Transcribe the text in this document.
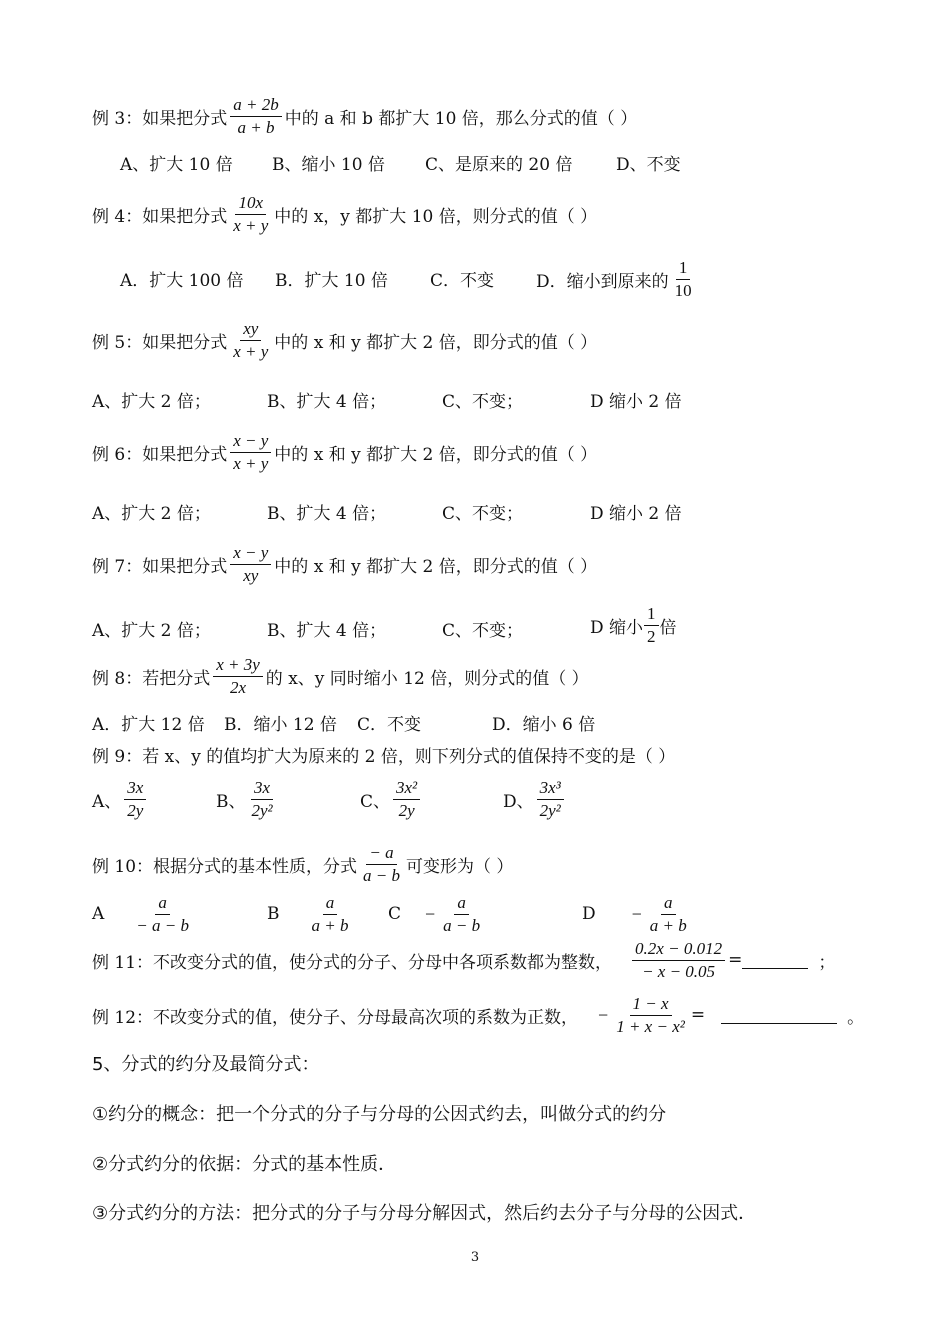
例 3：如果把分式 $\frac{a + 2b}{a + b}$ 中的 a 和 b 都扩大 10 倍，那么分式的值（ ）
A、扩大 10 倍 B、缩小 10 倍 C、是原来的 20 倍	D、不变
例 4：如果把分式 $\frac{10x}{x + y}$ 中的 x，y 都扩大 10 倍，则分式的值（ ）
A．扩大 100 倍 B．扩大 10 倍 C．不变 D．缩小到原来的 $\frac{1}{10}$
例 5：如果把分式 $\frac{xy}{x + y}$ 中的 x 和 y 都扩大 2 倍，即分式的值（ ）
A、扩大 2 倍；	B、扩大 4 倍；	C、不变；	D 缩小 2 倍
例 6：如果把分式 $\frac{x - y}{x + y}$ 中的 x 和 y 都扩大 2 倍，即分式的值（ ）
A、扩大 2 倍；	B、扩大 4 倍；	C、不变；	D 缩小 2 倍
例 7：如果把分式 $\frac{x - y}{xy}$ 中的 x 和 y 都扩大 2 倍，即分式的值（ ）
A、扩大 2 倍；	B、扩大 4 倍；	C、不变；	D 缩小 $\frac{1}{2}$ 倍
例 8：若把分式 $\frac{x + 3y}{2x}$ 的 x、y 同时缩小 12 倍，则分式的值（ ）
A．扩大 12 倍 B．缩小 12 倍 C．不变	D．缩小 6 倍
例 9：若 x、y 的值均扩大为原来的 2 倍，则下列分式的值保持不变的是（ ）
A、 $\frac{3x}{2y}$	B、 $\frac{3x}{\text{2y²}}$	C、 $\frac{\text{3x²}}{2y}$	D、 $\frac{\text{3x³}}{\text{2y²}}$
例 10：根据分式的基本性质，分式 $\frac{- a}{a - b}$ 可变形为（ ）
A $\frac{a}{- a - b}$	B $\frac{a}{a + b}$ $C - \frac{a}{a - b}$	$D - \frac{a}{a + b}$
例 11：不改变分式的值，使分式的分子、分母中各项系数都为整数， $\frac{0.2x - 0.012}{- x - 0.05}$ =	；
例 12：不改变分式的值，使分子、分母最高次项的系数为正数， − $\frac{1 - x}{\text{1 + x − x²}}$ =	。
5、分式的约分及最简分式：
①约分的概念：把一个分式的分子与分母的公因式约去，叫做分式的约分
②分式约分的依据：分式的基本性质．
③分式约分的方法：把分式的分子与分母分解因式，然后约去分子与分母的公因式．
3
